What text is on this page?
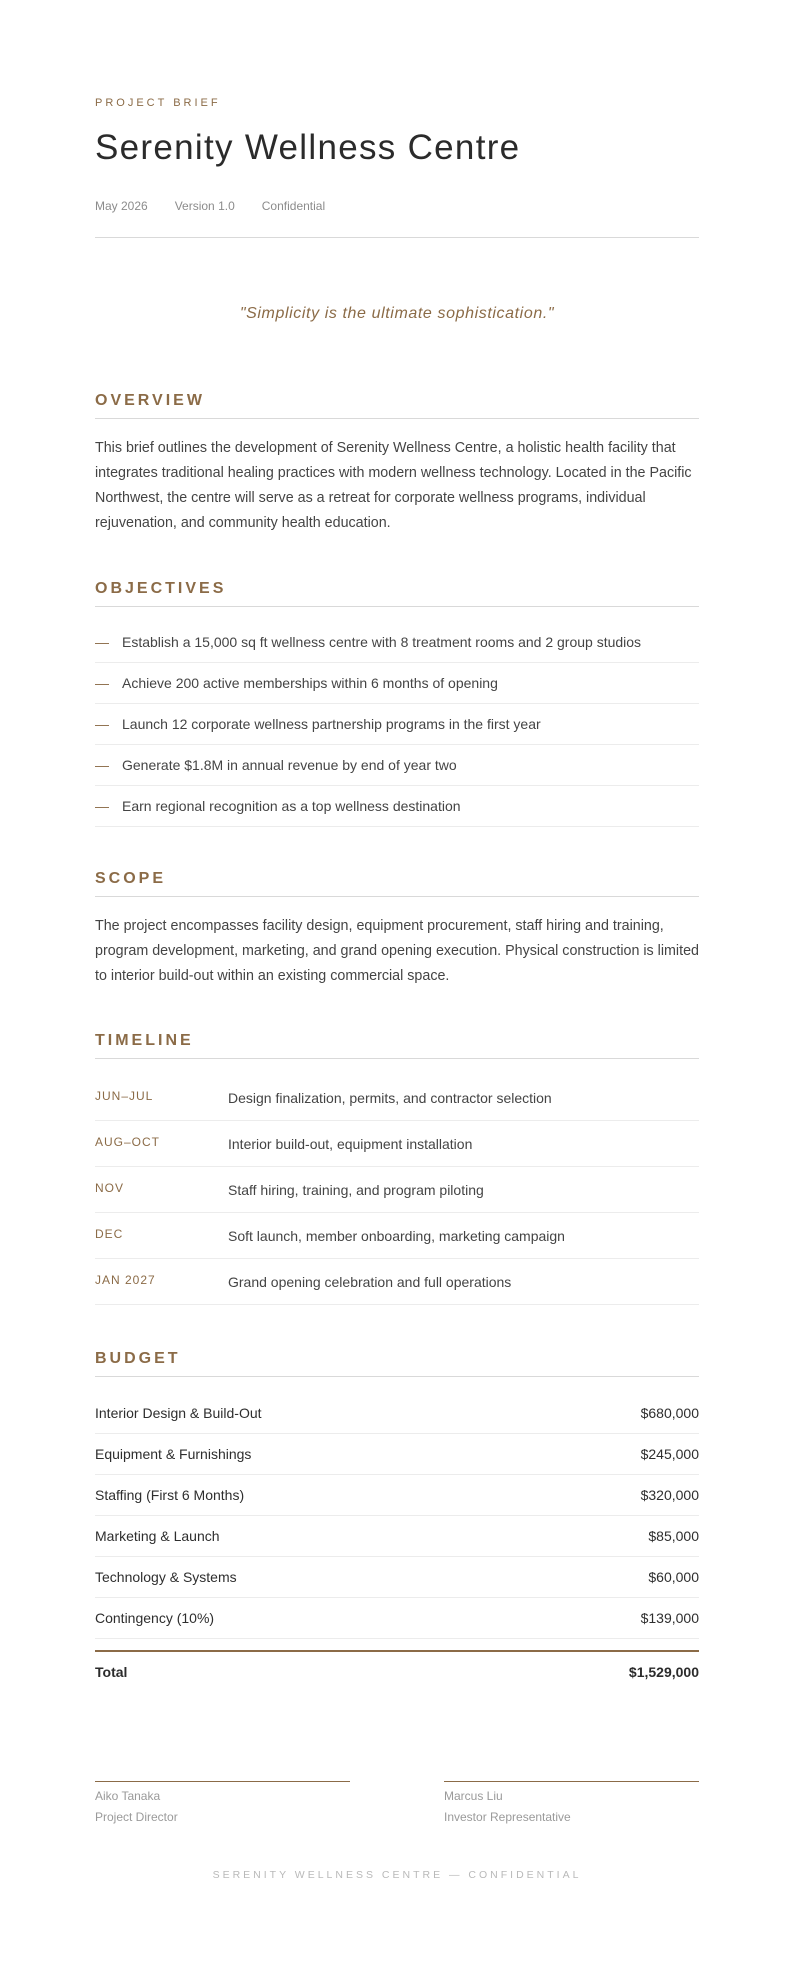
PROJECT BRIEF
Serenity Wellness Centre
May 2026 Version 1.0 Confidential
"Simplicity is the ultimate sophistication."
OVERVIEW
This brief outlines the development of Serenity Wellness Centre, a holistic health facility that integrates traditional healing practices with modern wellness technology. Located in the Pacific Northwest, the centre will serve as a retreat for corporate wellness programs, individual rejuvenation, and community health education.
OBJECTIVES
— Establish a 15,000 sq ft wellness centre with 8 treatment rooms and 2 group studios
— Achieve 200 active memberships within 6 months of opening
— Launch 12 corporate wellness partnership programs in the first year
— Generate $1.8M in annual revenue by end of year two
— Earn regional recognition as a top wellness destination
SCOPE
The project encompasses facility design, equipment procurement, staff hiring and training, program development, marketing, and grand opening execution. Physical construction is limited to interior build-out within an existing commercial space.
TIMELINE
JUN–JUL	Design finalization, permits, and contractor selection
AUG–OCT	Interior build-out, equipment installation
NOV	Staff hiring, training, and program piloting
DEC	Soft launch, member onboarding, marketing campaign
JAN 2027	Grand opening celebration and full operations
BUDGET
Interior Design & Build-Out	$680,000
Equipment & Furnishings	$245,000
Staffing (First 6 Months)	$320,000
Marketing & Launch	$85,000
Technology & Systems	$60,000
Contingency (10%)	$139,000
Total	$1,529,000
Aiko Tanaka
Project Director
Marcus Liu
Investor Representative
SERENITY WELLNESS CENTRE — CONFIDENTIAL
